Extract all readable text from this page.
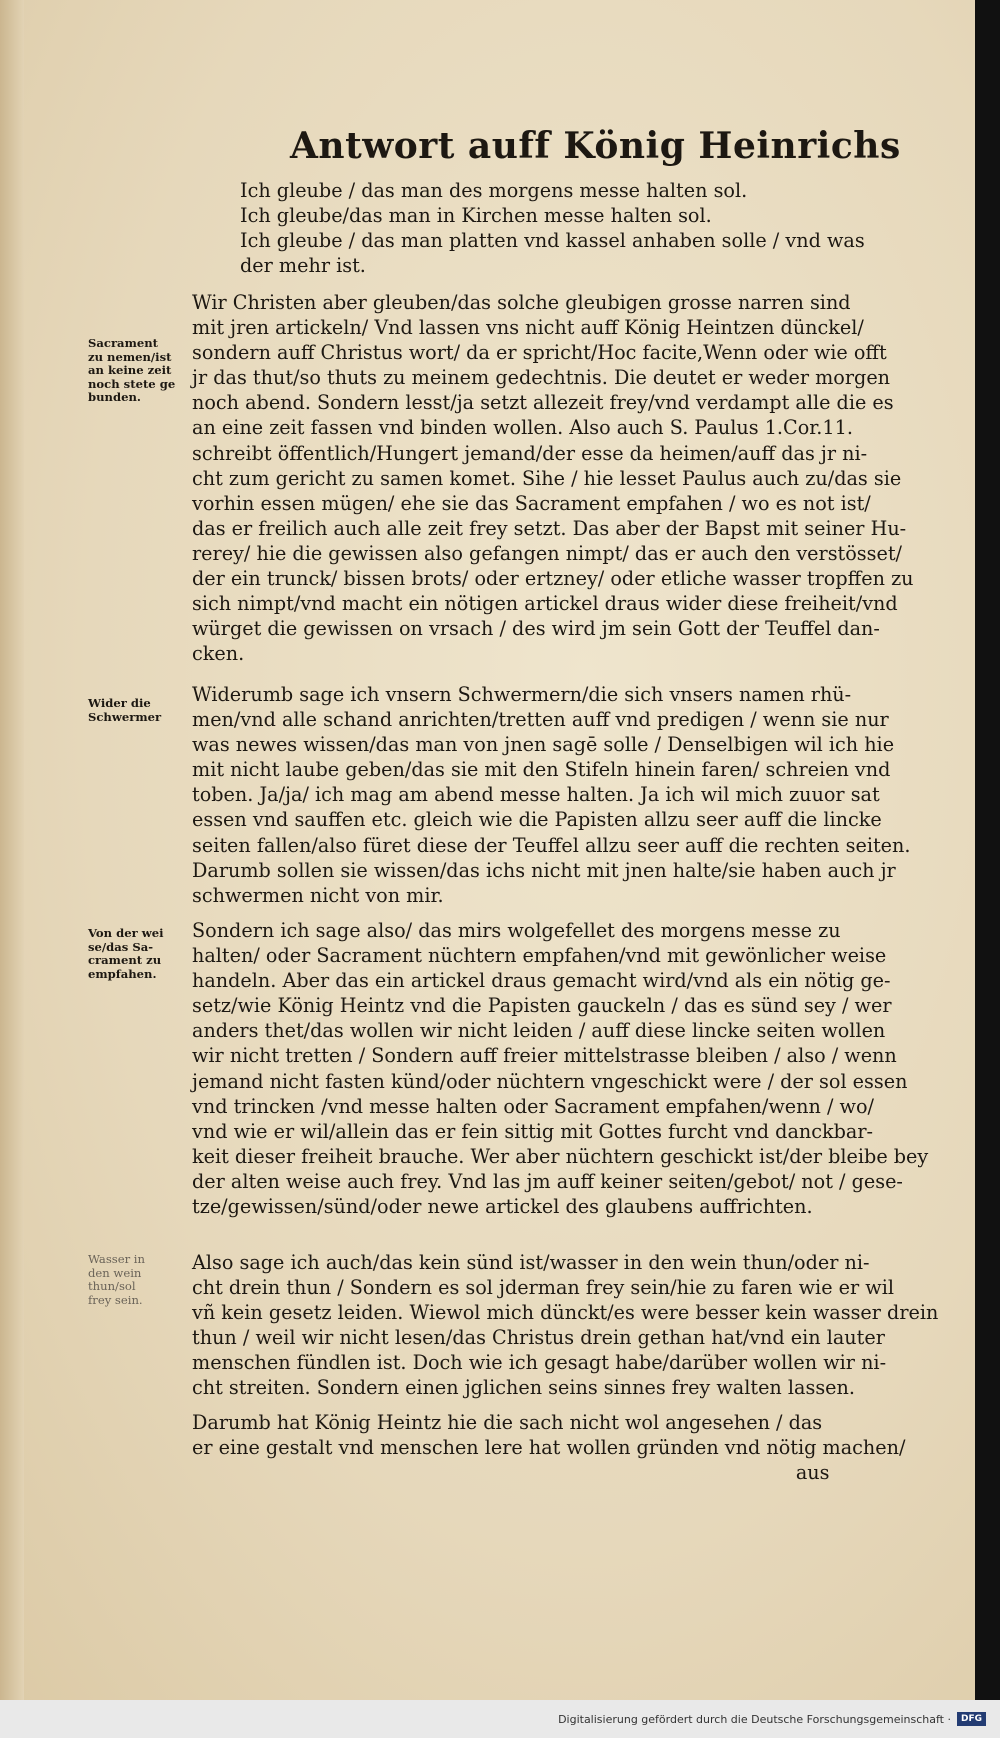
Antwort auff König Heinrichs
Ich gleube / das man des morgens messe halten sol.
Ich gleube/das man in Kirchen messe halten sol.
Ich gleube / das man platten vnd kassel anhaben solle / vnd was
der mehr ist.
Sacrament
zu nemen/ist
an keine zeit
noch stete ge
bunden.
Wir Christen aber gleuben/das solche gleubigen grosse narren sind
mit jren artickeln/ Vnd lassen vns nicht auff König Heintzen dünckel/
sondern auff Christus wort/ da er spricht/Hoc facite,Wenn oder wie offt
jr das thut/so thuts zu meinem gedechtnis. Die deutet er weder morgen
noch abend. Sondern lesst/ja setzt allezeit frey/vnd verdampt alle die es
an eine zeit fassen vnd binden wollen. Also auch S. Paulus 1.Cor.11.
schreibt öffentlich/Hungert jemand/der esse da heimen/auff das jr ni-
cht zum gericht zu samen komet. Sihe / hie lesset Paulus auch zu/das sie
vorhin essen mügen/ ehe sie das Sacrament empfahen / wo es not ist/
das er freilich auch alle zeit frey setzt. Das aber der Bapst mit seiner Hu-
rerey/ hie die gewissen also gefangen nimpt/ das er auch den verstösset/
der ein trunck/ bissen brots/ oder ertzney/ oder etliche wasser tropffen zu
sich nimpt/vnd macht ein nötigen artickel draus wider diese freiheit/vnd
würget die gewissen on vrsach / des wird jm sein Gott der Teuffel dan-
cken.
Wider die
Schwermer
Widerumb sage ich vnsern Schwermern/die sich vnsers namen rhü-
men/vnd alle schand anrichten/tretten auff vnd predigen / wenn sie nur
was newes wissen/das man von jnen sagē solle / Denselbigen wil ich hie
mit nicht laube geben/das sie mit den Stifeln hinein faren/ schreien vnd
toben. Ja/ja/ ich mag am abend messe halten. Ja ich wil mich zuuor sat
essen vnd sauffen etc. gleich wie die Papisten allzu seer auff die lincke
seiten fallen/also füret diese der Teuffel allzu seer auff die rechten seiten.
Darumb sollen sie wissen/das ichs nicht mit jnen halte/sie haben auch jr
schwermen nicht von mir.
Von der wei
se/das Sa-
crament zu
empfahen.
Sondern ich sage also/ das mirs wolgefellet des morgens messe zu
halten/ oder Sacrament nüchtern empfahen/vnd mit gewönlicher weise
handeln. Aber das ein artickel draus gemacht wird/vnd als ein nötig ge-
setz/wie König Heintz vnd die Papisten gauckeln / das es sünd sey / wer
anders thet/das wollen wir nicht leiden / auff diese lincke seiten wollen
wir nicht tretten / Sondern auff freier mittelstrasse bleiben / also / wenn
jemand nicht fasten künd/oder nüchtern vngeschickt were / der sol essen
vnd trincken /vnd messe halten oder Sacrament empfahen/wenn / wo/
vnd wie er wil/allein das er fein sittig mit Gottes furcht vnd danckbar-
keit dieser freiheit brauche. Wer aber nüchtern geschickt ist/der bleibe bey
der alten weise auch frey. Vnd las jm auff keiner seiten/gebot/ not / gese-
tze/gewissen/sünd/oder newe artickel des glaubens auffrichten.
Wasser in
den wein
thun/sol
frey sein.
Also sage ich auch/das kein sünd ist/wasser in den wein thun/oder ni-
cht drein thun / Sondern es sol jderman frey sein/hie zu faren wie er wil
vñ kein gesetz leiden. Wiewol mich dünckt/es were besser kein wasser drein
thun / weil wir nicht lesen/das Christus drein gethan hat/vnd ein lauter
menschen fündlen ist. Doch wie ich gesagt habe/darüber wollen wir ni-
cht streiten. Sondern einen jglichen seins sinnes frey walten lassen.
Darumb hat König Heintz hie die sach nicht wol angesehen / das
er eine gestalt vnd menschen lere hat wollen gründen vnd nötig machen/
aus
Digitalisierung gefördert durch die Deutsche Forschungsgemeinschaft ·	DFG
